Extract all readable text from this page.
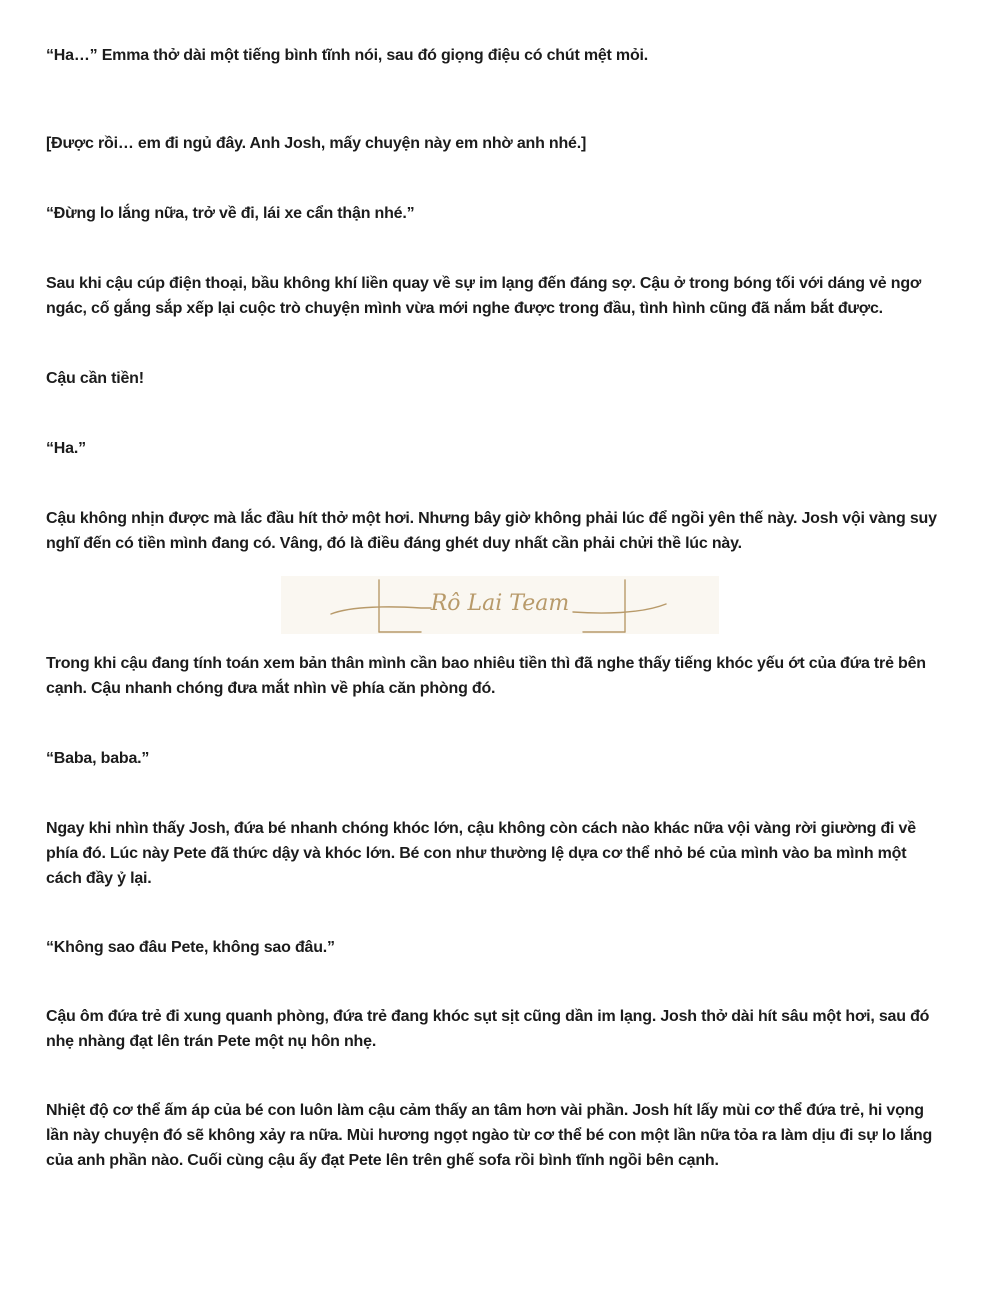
“Ha…” Emma thở dài một tiếng bình tĩnh nói, sau đó giọng điệu có chút mệt mỏi.

[Được rồi… em đi ngủ đây. Anh Josh, mấy chuyện này em nhờ anh nhé.]

“Đừng lo lắng nữa, trở về đi, lái xe cẩn thận nhé.”

Sau khi cậu cúp điện thoại, bầu không khí liền quay về sự im lạng đến đáng sợ. Cậu ở trong bóng tối với dáng vẻ ngơ ngác, cố gắng sắp xếp lại cuộc trò chuyện mình vừa mới nghe được trong đầu, tình hình cũng đã nắm bắt được.

Cậu cần tiền!

“Ha.”

Cậu không nhịn được mà lắc đầu hít thở một hơi. Nhưng bây giờ không phải lúc để ngồi yên thế này. Josh vội vàng suy nghĩ đến có tiền mình đang có. Vâng, đó là điều đáng ghét duy nhất cần phải chửi thề lúc này.

Rô Lai Team

Trong khi cậu đang tính toán xem bản thân mình cần bao nhiêu tiền thì đã nghe thấy tiếng khóc yếu ớt của đứa trẻ bên cạnh. Cậu nhanh chóng đưa mắt nhìn về phía căn phòng đó.

“Baba, baba.”

Ngay khi nhìn thấy Josh, đứa bé nhanh chóng khóc lớn, cậu không còn cách nào khác nữa vội vàng rời giường đi về phía đó. Lúc này Pete đã thức dậy và khóc lớn. Bé con như thường lệ dựa cơ thể nhỏ bé của mình vào ba mình một cách đầy ỷ lại.

“Không sao đâu Pete, không sao đâu.”

Cậu ôm đứa trẻ đi xung quanh phòng, đứa trẻ đang khóc sụt sịt cũng dần im lạng. Josh thở dài hít sâu một hơi, sau đó nhẹ nhàng đạt lên trán Pete một nụ hôn nhẹ.

Nhiệt độ cơ thể ấm áp của bé con luôn làm cậu cảm thấy an tâm hơn vài phần. Josh hít lấy mùi cơ thể đứa trẻ, hi vọng lần này chuyện đó sẽ không xảy ra nữa. Mùi hương ngọt ngào từ cơ thể bé con một lần nữa tỏa ra làm dịu đi sự lo lắng của anh phần nào. Cuối cùng cậu ấy đạt Pete lên trên ghế sofa rồi bình tĩnh ngồi bên cạnh.
